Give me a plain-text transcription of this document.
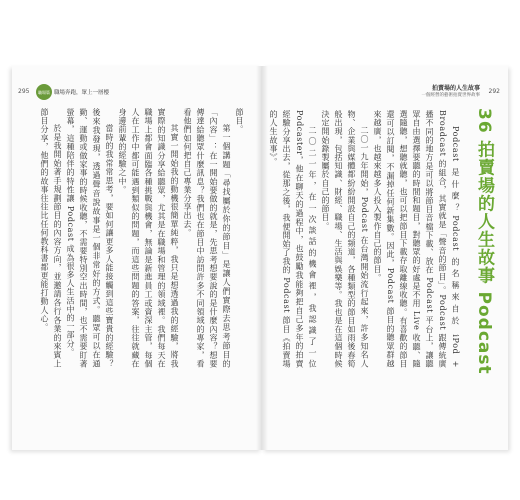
295	職場篇 職場奔跑，眾上一層樓
拍賣場的人生故事
一個經營的藝術拍賣世界故事
292
36 拍賣場的人生故事 Podcast

Podcast 是什麼？Podcast 的名稱來自於 iPod + Broadcast 的組合，其實就是「聲音的節目」。Podcast 跟傳統廣播不同的地方是可以將節目音檔下載、放在 Podcast 平台上，讓聽眾自由選擇要聽的時間和題目，對聽眾的好處是不用 Live 收聽、隨選隨聽，想聽就聽，也可以把節目下載存取離線收聽。有喜歡的節目還可以訂閱，不漏掉任何新集數。因此，Podcast 節目的聽眾群越來越廣，也越來越多人投入製作自己的節目。

二〇一九年開始，Podcast 在台灣開始流行起來，許多知名人物、企業與媒體都紛紛開設自己的頻道，各種類型的節目如雨後春筍般出現，包括知識、財經、職場、生活與娛樂等。我也是在這個時候決定開始錄製屬於自己的節目。

二〇二一年，在一次談話的機會裡，我認識了一位 Podcaster，他在聊天的過程中，也鼓勵我能夠把自己多年的拍賣經驗分享出去，從那之後，我便開始了我的 Podcast 節目《拍賣場的人生故事》。

節目。

第一個講題「尋找屬於你的節目」是讓人們實際去思考節目的「內容」：在一開始要做的就是，先思考想要說的是什麼內容？想要傳達給聽眾什麼訊息？我們也在節目中訪問許多不同領域的專家，看看他們如何把自己專業分享出去。

其實一開始我的動機很簡單純粹，我只是想透過我的經驗，將我實際的知識分享給聽眾，尤其是在職場和管理的領域裡。我們每天在職場上都會面臨各種挑戰與機會，無論是新進員工或資深主管，每個人在工作中都可能遇到類似的問題，而這些問題的答案，往往就藏在身邊前輩的經驗之中。

當時的我常常思考，要如何讓更多人能接觸到這些寶貴的經驗？後來我發現，透過聲音說故事是一個非常好的方式。聽眾可以在通勤、運動或做家事的時候收聽，不需要特別空出時間，也不需要盯著螢幕，這種陪伴的特性讓 Podcast 成為很多人生活中的一部分。

於是我開始著手規劃節目的內容方向，並邀請各行各業的來賓上節目分享，他們的故事往往比任何教科書都更能打動人心。
